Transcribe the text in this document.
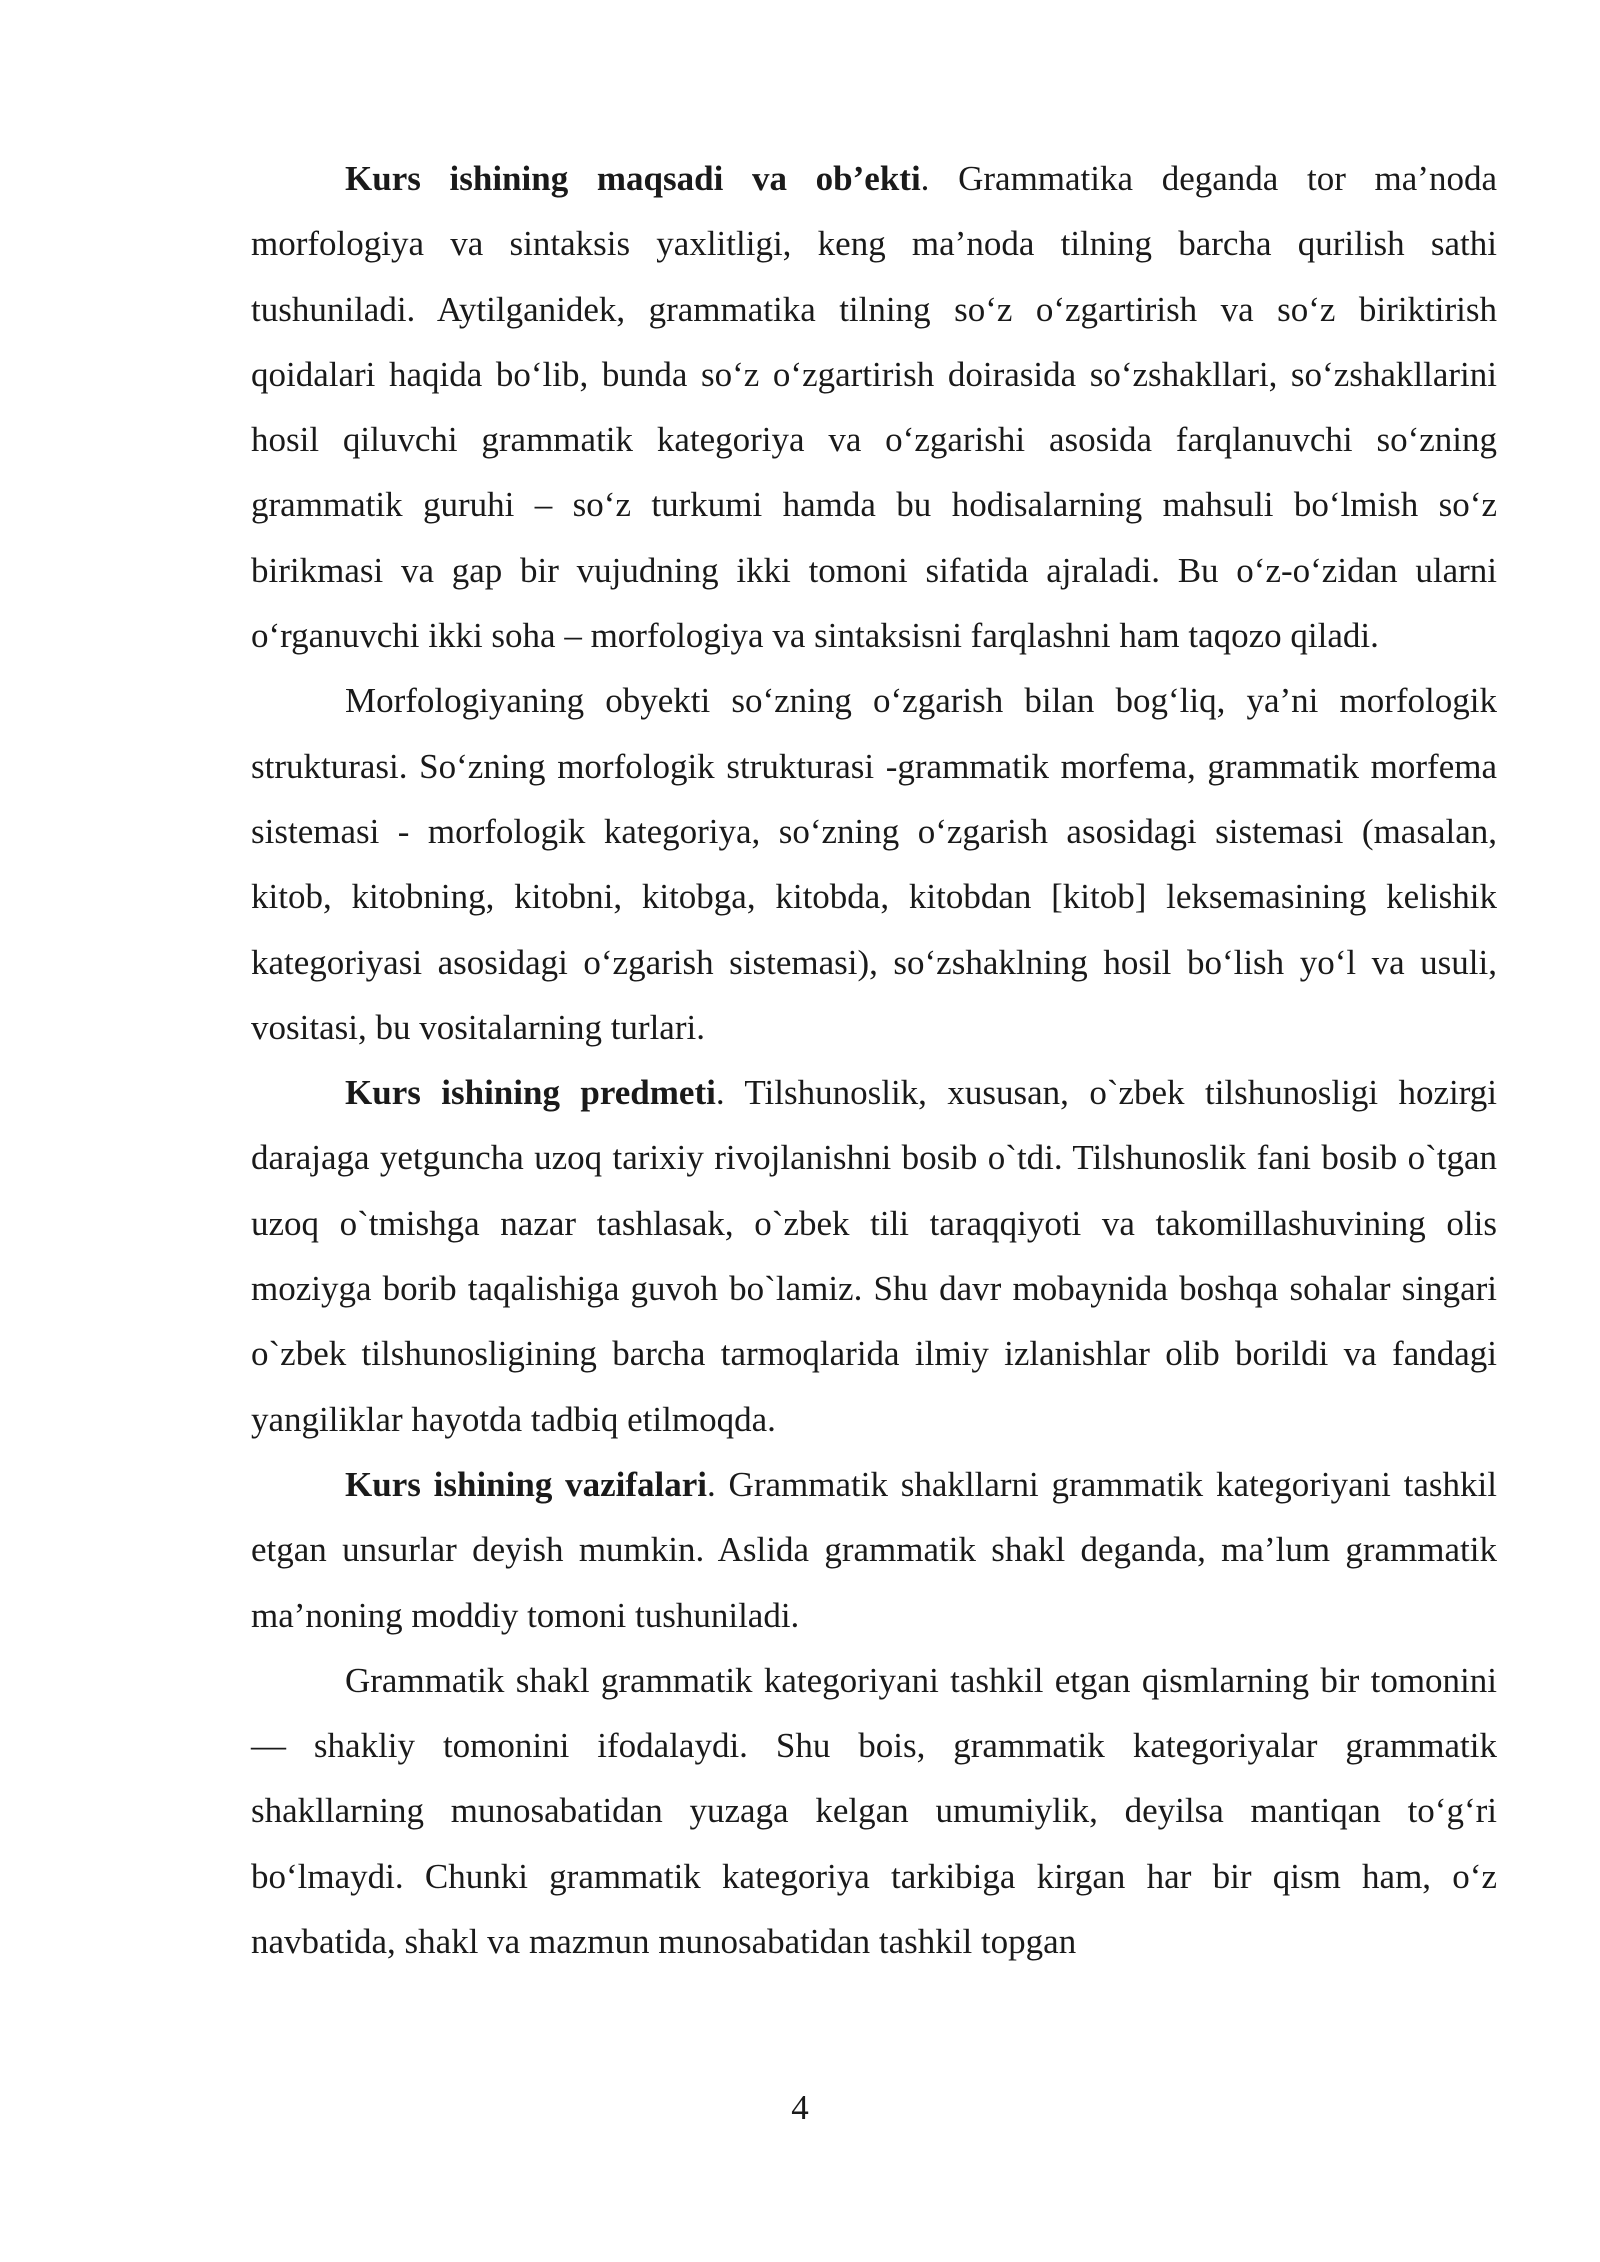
Kurs ishining maqsadi va ob’ekti. Grammatika deganda tor ma’noda morfologiya va sintaksis yaxlitligi, keng ma’noda tilning barcha qurilish sathi tushuniladi. Aytilganidek, grammatika tilning so‘z o‘zgartirish va so‘z biriktirish qoidalari haqida bo‘lib, bunda so‘z o‘zgartirish doirasida so‘zshakllari, so‘zshakllarini hosil qiluvchi grammatik kategoriya va o‘zgarishi asosida farqlanuvchi so‘zning grammatik guruhi – so‘z turkumi hamda bu hodisalarning mahsuli bo‘lmish so‘z birikmasi va gap bir vujudning ikki tomoni sifatida ajraladi. Bu o‘z-o‘zidan ularni o‘rganuvchi ikki soha – morfologiya va sintaksisni farqlashni ham taqozo qiladi.

Morfologiyaning obyekti so‘zning o‘zgarish bilan bog‘liq, ya’ni morfologik strukturasi. So‘zning morfologik strukturasi -grammatik morfema, grammatik morfema sistemasi - morfologik kategoriya, so‘zning o‘zgarish asosidagi sistemasi (masalan, kitob, kitobning, kitobni, kitobga, kitobda, kitobdan [kitob] leksemasining kelishik kategoriyasi asosidagi o‘zgarish sistemasi), so‘zshaklning hosil bo‘lish yo‘l va usuli, vositasi, bu vositalarning turlari.

Kurs ishining predmeti. Tilshunoslik, xususan, o`zbek tilshunosligi hozirgi darajaga yetguncha uzoq tarixiy rivojlanishni bosib o`tdi. Tilshunoslik fani bosib o`tgan uzoq o`tmishga nazar tashlasak, o`zbek tili taraqqiyoti va takomillashuvining olis moziyga borib taqalishiga guvoh bo`lamiz. Shu davr mobaynida boshqa sohalar singari o`zbek tilshunosligining barcha tarmoqlarida ilmiy izlanishlar olib borildi va fandagi yangiliklar hayotda tadbiq etilmoqda.

Kurs ishining vazifalari. Grammatik shakllarni grammatik kategoriyani tashkil etgan unsurlar deyish mumkin. Aslida grammatik shakl deganda, ma’lum grammatik ma’noning moddiy tomoni tushuniladi.

Grammatik shakl grammatik kategoriyani tashkil etgan qismlarning bir tomonini — shakliy tomonini ifodalaydi. Shu bois, grammatik kategoriyalar grammatik shakllarning munosabatidan yuzaga kelgan umumiylik, deyilsa mantiqan to‘g‘ri bo‘lmaydi. Chunki grammatik kategoriya tarkibiga kirgan har bir qism ham, o‘z navbatida, shakl va mazmun munosabatidan tashkil topgan

4
